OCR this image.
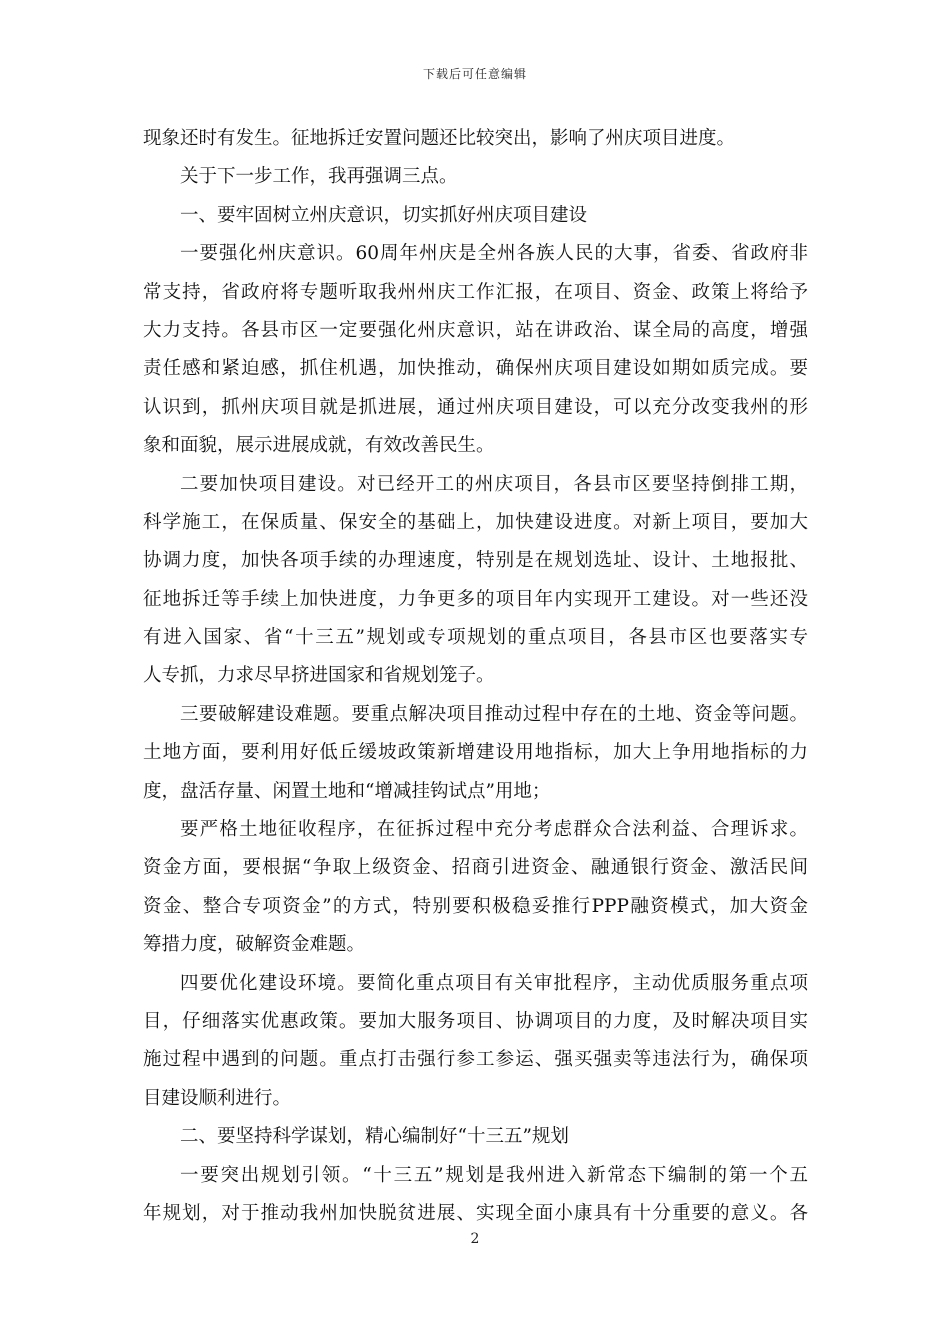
下载后可任意编辑
现象还时有发生。征地拆迁安置问题还比较突出，影响了州庆项目进度。
关于下一步工作，我再强调三点。
一、要牢固树立州庆意识，切实抓好州庆项目建设
一要强化州庆意识。60周年州庆是全州各族人民的大事，省委、省政府非
常支持，省政府将专题听取我州州庆工作汇报，在项目、资金、政策上将给予
大力支持。各县市区一定要强化州庆意识，站在讲政治、谋全局的高度，增强
责任感和紧迫感，抓住机遇，加快推动，确保州庆项目建设如期如质完成。要
认识到，抓州庆项目就是抓进展，通过州庆项目建设，可以充分改变我州的形
象和面貌，展示进展成就，有效改善民生。
二要加快项目建设。对已经开工的州庆项目，各县市区要坚持倒排工期，
科学施工，在保质量、保安全的基础上，加快建设进度。对新上项目，要加大
协调力度，加快各项手续的办理速度，特别是在规划选址、设计、土地报批、
征地拆迁等手续上加快进度，力争更多的项目年内实现开工建设。对一些还没
有进入国家、省“十三五”规划或专项规划的重点项目，各县市区也要落实专
人专抓，力求尽早挤进国家和省规划笼子。
三要破解建设难题。要重点解决项目推动过程中存在的土地、资金等问题。
土地方面，要利用好低丘缓坡政策新增建设用地指标，加大上争用地指标的力
度，盘活存量、闲置土地和“增减挂钩试点”用地；
要严格土地征收程序，在征拆过程中充分考虑群众合法利益、合理诉求。
资金方面，要根据“争取上级资金、招商引进资金、融通银行资金、激活民间
资金、整合专项资金”的方式，特别要积极稳妥推行PPP融资模式，加大资金
筹措力度，破解资金难题。
四要优化建设环境。要简化重点项目有关审批程序，主动优质服务重点项
目，仔细落实优惠政策。要加大服务项目、协调项目的力度，及时解决项目实
施过程中遇到的问题。重点打击强行参工参运、强买强卖等违法行为，确保项
目建设顺利进行。
二、要坚持科学谋划，精心编制好“十三五”规划
一要突出规划引领。“十三五”规划是我州进入新常态下编制的第一个五
年规划，对于推动我州加快脱贫进展、实现全面小康具有十分重要的意义。各
2
